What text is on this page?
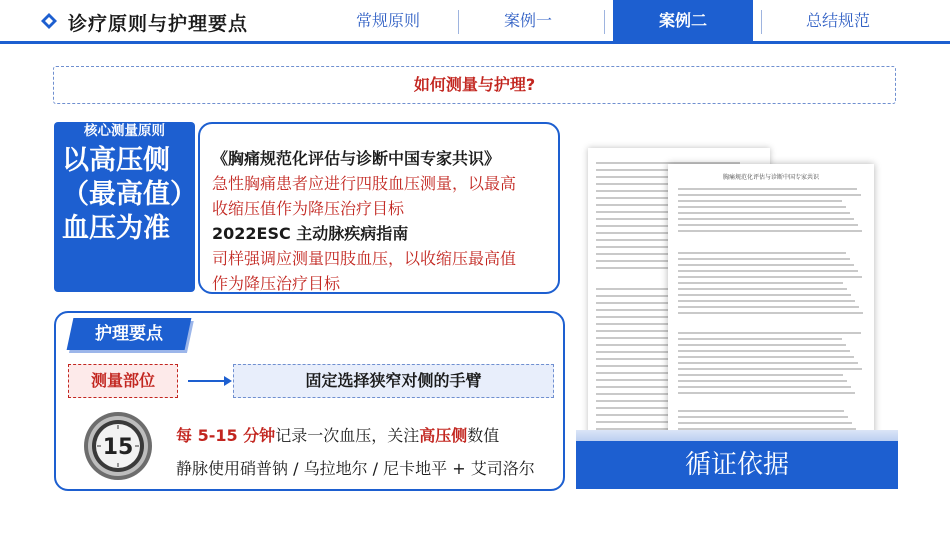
诊疗原则与护理要点	常规原则	案例一	案例二	总结规范
如何测量与护理?
核心测量原则
以高压侧（最高值）血压为准
《胸痛规范化评估与诊断中国专家共识》
急性胸痛患者应进行四肢血压测量，以最高
收缩压值作为降压治疗目标
2022ESC 主动脉疾病指南
司样强调应测量四肢血压，以收缩压最高值
作为降压治疗目标
护理要点
测量部位	固定选择狭窄对侧的手臂
15	每 5-15 分钟记录一次血压，关注高压侧数值
静脉使用硝普钠 / 乌拉地尔 / 尼卡地平 + 艾司洛尔
胸痛规范化评估与诊断中国专家共识
循证依据
